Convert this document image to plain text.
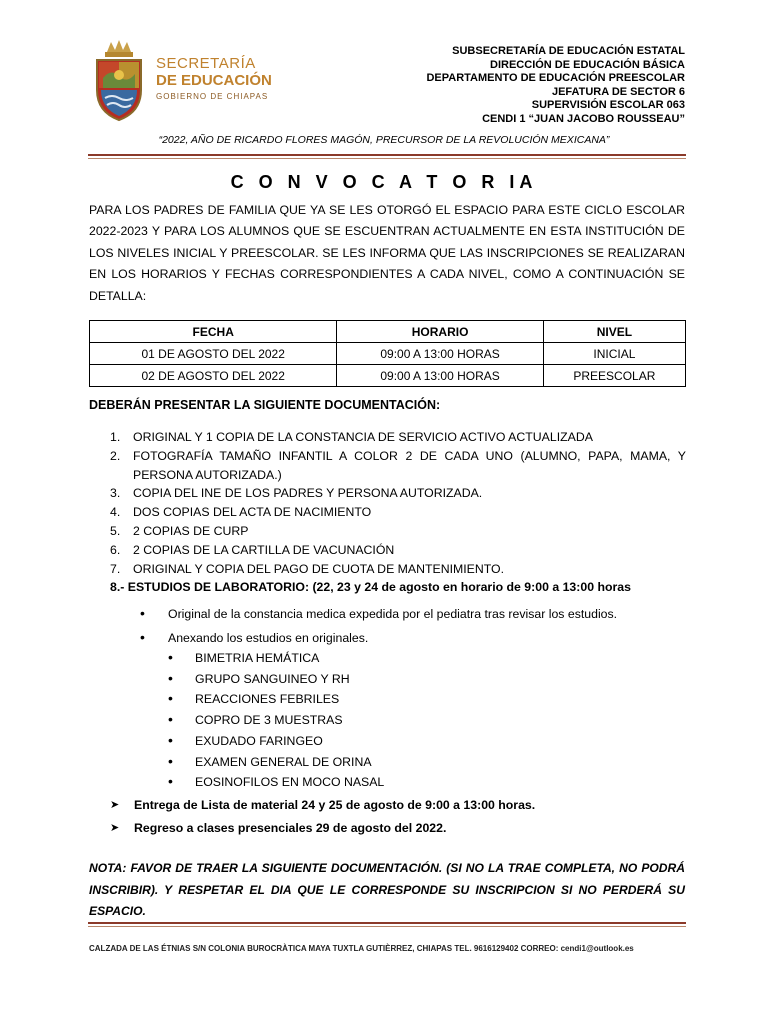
SECRETARÍA
DE EDUCACIÓN
GOBIERNO DE CHIAPAS
SUBSECRETARÍA DE EDUCACIÓN ESTATAL
DIRECCIÓN DE EDUCACIÓN BÁSICA
DEPARTAMENTO DE EDUCACIÓN PREESCOLAR
JEFATURA DE SECTOR 6
SUPERVISIÓN ESCOLAR 063
CENDI 1 “JUAN JACOBO ROUSSEAU”
“2022, AÑO DE RICARDO FLORES MAGÓN, PRECURSOR DE LA REVOLUCIÓN MEXICANA”
C O N V O C A T O R IA
PARA LOS PADRES DE FAMILIA QUE YA SE LES OTORGÓ EL ESPACIO PARA ESTE CICLO ESCOLAR 2022-2023 Y PARA LOS ALUMNOS QUE SE ESCUENTRAN ACTUALMENTE EN ESTA INSTITUCIÓN DE LOS NIVELES INICIAL Y PREESCOLAR. SE LES INFORMA QUE LAS INSCRIPCIONES SE REALIZARAN EN LOS HORARIOS Y FECHAS CORRESPONDIENTES A CADA NIVEL, COMO A CONTINUACIÓN SE DETALLA:
FECHA	HORARIO	NIVEL
01 DE AGOSTO DEL 2022	09:00 A 13:00 HORAS	INICIAL
02 DE AGOSTO DEL 2022	09:00 A 13:00 HORAS	PREESCOLAR
DEBERÁN PRESENTAR LA SIGUIENTE DOCUMENTACIÓN:
1.	ORIGINAL Y 1 COPIA DE LA CONSTANCIA DE SERVICIO ACTIVO ACTUALIZADA
2.	FOTOGRAFÍA TAMAÑO INFANTIL A COLOR 2 DE CADA UNO (ALUMNO, PAPA, MAMA, Y PERSONA AUTORIZADA.)
3.	COPIA DEL INE DE LOS PADRES Y PERSONA AUTORIZADA.
4.	DOS COPIAS DEL ACTA DE NACIMIENTO
5.	2 COPIAS DE CURP
6.	2 COPIAS DE LA CARTILLA DE VACUNACIÓN
7.	ORIGINAL Y COPIA DEL PAGO DE CUOTA DE MANTENIMIENTO.
8.- ESTUDIOS DE LABORATORIO: (22, 23 y 24 de agosto en horario de 9:00 a 13:00 horas
• Original de la constancia medica expedida por el pediatra tras revisar los estudios.
• Anexando los estudios en originales.
• BIMETRIA HEMÁTICA
• GRUPO SANGUINEO Y RH
• REACCIONES FEBRILES
• COPRO DE 3 MUESTRAS
• EXUDADO FARINGEO
• EXAMEN GENERAL DE ORINA
• EOSINOFILOS EN MOCO NASAL
➤	Entrega de Lista de material 24 y 25 de agosto de 9:00 a 13:00 horas.
➤	Regreso a clases presenciales 29 de agosto del 2022.
NOTA: FAVOR DE TRAER LA SIGUIENTE DOCUMENTACIÓN. (SI NO LA TRAE COMPLETA, NO PODRÁ INSCRIBIR). Y RESPETAR EL DIA QUE LE CORRESPONDE SU INSCRIPCION SI NO PERDERÁ SU ESPACIO.
CALZADA DE LAS ÉTNIAS S/N COLONIA BUROCRÀTICA MAYA TUXTLA GUTIÈRREZ, CHIAPAS TEL. 9616129402 CORREO: cendi1@outlook.es
